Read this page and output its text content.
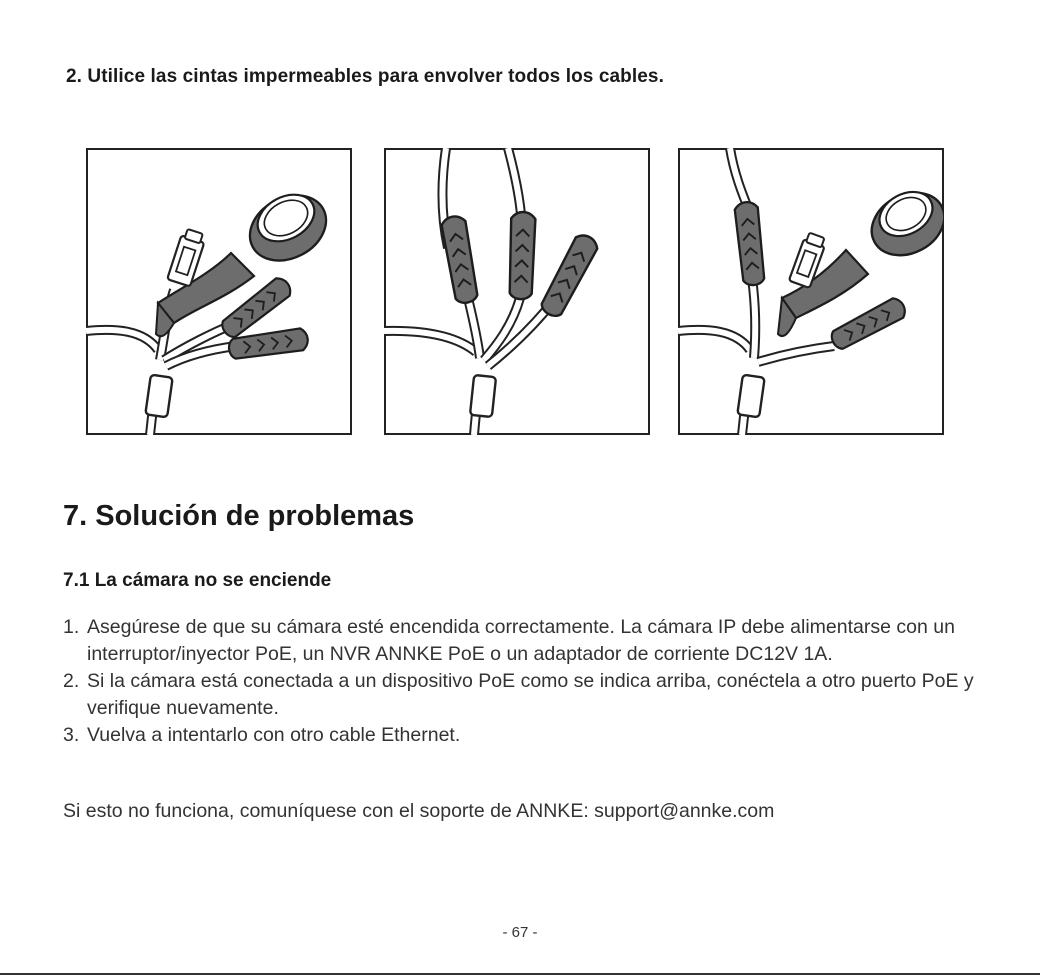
2. Utilice las cintas impermeables para envolver todos los cables.
7. Solución de problemas
7.1 La cámara no se enciende
1. Asegúrese de que su cámara esté encendida correctamente. La cámara IP debe alimentarse con un interruptor/inyector PoE, un NVR ANNKE PoE o un adaptador de corriente DC12V 1A.
2. Si la cámara está conectada a un dispositivo PoE como se indica arriba, conéctela a otro puerto PoE y verifique nuevamente.
3. Vuelva a intentarlo con otro cable Ethernet.

Si esto no funciona, comuníquese con el soporte de ANNKE: support@annke.com

- 67 -
